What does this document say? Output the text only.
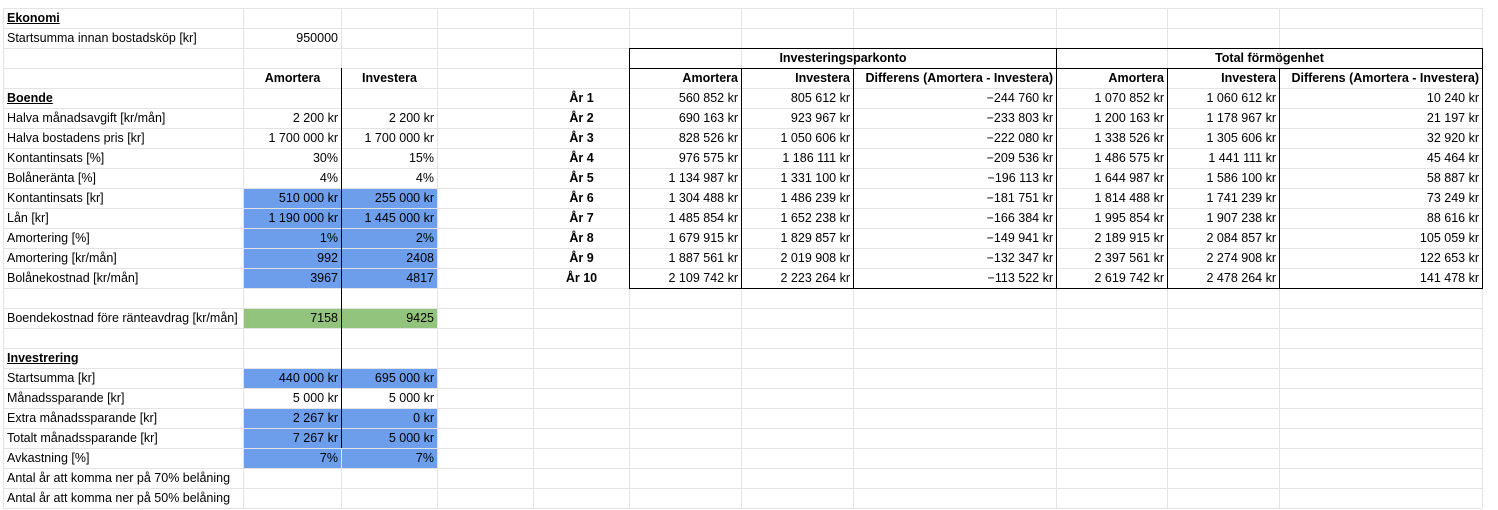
Ekonomi
Startsumma innan bostadsköp [kr]	950000
Amortera	Investera
Boende
Halva månadsavgift [kr/mån]	2 200 kr	2 200 kr
Halva bostadens pris [kr]	1 700 000 kr	1 700 000 kr
Kontantinsats [%]	30%	15%
Bolåneränta [%]	4%	4%
Kontantinsats [kr]	510 000 kr	255 000 kr
Lån [kr]	1 190 000 kr	1 445 000 kr
Amortering [%]	1%	2%
Amortering [kr/mån]	992	2408
Bolånekostnad [kr/mån]	3967	4817
Boendekostnad före ränteavdrag [kr/mån]	7158	9425
Investrering
Startsumma [kr]	440 000 kr	695 000 kr
Månadssparande [kr]	5 000 kr	5 000 kr
Extra månadssparande [kr]	2 267 kr	0 kr
Totalt månadssparande [kr]	7 267 kr	5 000 kr
Avkastning [%]	7%	7%
Antal år att komma ner på 70% belåning
Antal år att komma ner på 50% belåning
Investeringsparkonto	Total förmögenhet
Amortera	Investera	Differens (Amortera - Investera)	Amortera	Investera	Differens (Amortera - Investera)
År 1	560 852 kr	805 612 kr	−244 760 kr	1 070 852 kr	1 060 612 kr	10 240 kr
År 2	690 163 kr	923 967 kr	−233 803 kr	1 200 163 kr	1 178 967 kr	21 197 kr
År 3	828 526 kr	1 050 606 kr	−222 080 kr	1 338 526 kr	1 305 606 kr	32 920 kr
År 4	976 575 kr	1 186 111 kr	−209 536 kr	1 486 575 kr	1 441 111 kr	45 464 kr
År 5	1 134 987 kr	1 331 100 kr	−196 113 kr	1 644 987 kr	1 586 100 kr	58 887 kr
År 6	1 304 488 kr	1 486 239 kr	−181 751 kr	1 814 488 kr	1 741 239 kr	73 249 kr
År 7	1 485 854 kr	1 652 238 kr	−166 384 kr	1 995 854 kr	1 907 238 kr	88 616 kr
År 8	1 679 915 kr	1 829 857 kr	−149 941 kr	2 189 915 kr	2 084 857 kr	105 059 kr
År 9	1 887 561 kr	2 019 908 kr	−132 347 kr	2 397 561 kr	2 274 908 kr	122 653 kr
År 10	2 109 742 kr	2 223 264 kr	−113 522 kr	2 619 742 kr	2 478 264 kr	141 478 kr
